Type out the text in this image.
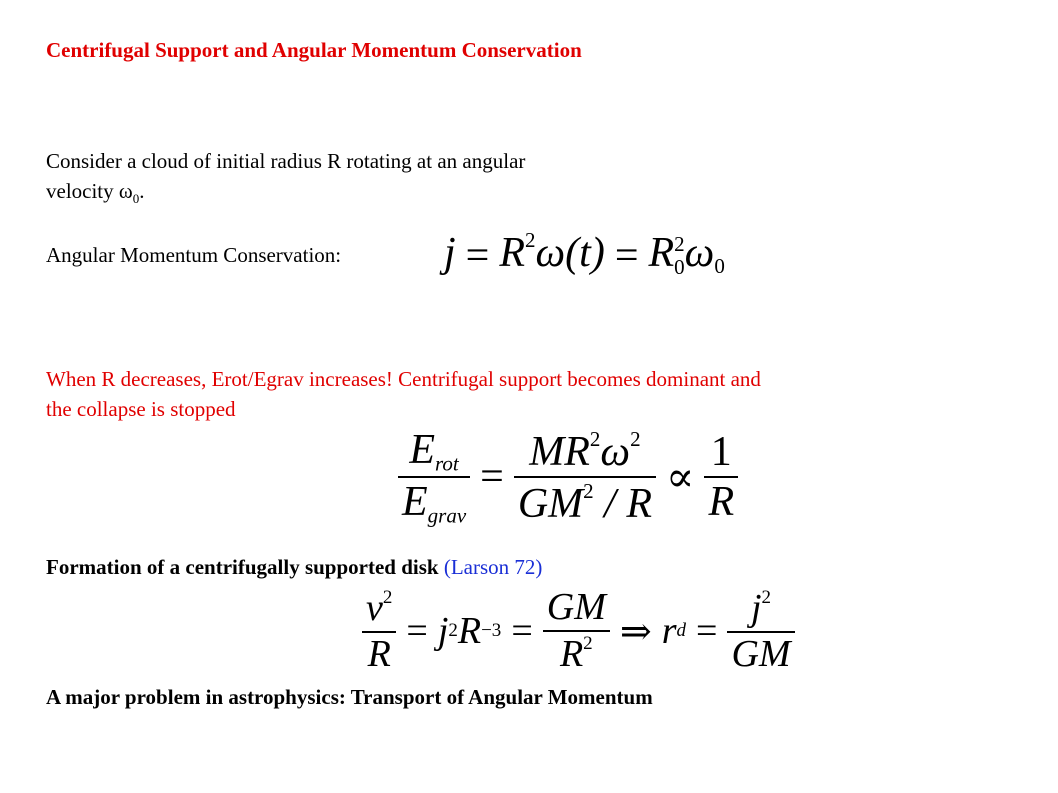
Centrifugal Support and Angular Momentum Conservation
Consider a cloud of initial radius R rotating at an angular
velocity $\omega_0$.
Angular Momentum Conservation: $j = R^2\omega(t) = R$ 2
0 $\omega_0$
When R decreases, Erot/Egrav increases! Centrifugal support becomes dominant and
the collapse is stopped
$\frac{E_{rot}}{E_{grav}} = \frac{MR^2\omega^2}{GM^2 / R} \propto \frac{1}{R}$
Formation of a centrifugally supported disk (Larson 72)
$\frac{v^2}{R} = j$ 2 $R -3 = \frac{GM}{R^2}$ ⇒ r $d = \frac{j^2}{GM}$
A major problem in astrophysics: Transport of Angular Momentum
